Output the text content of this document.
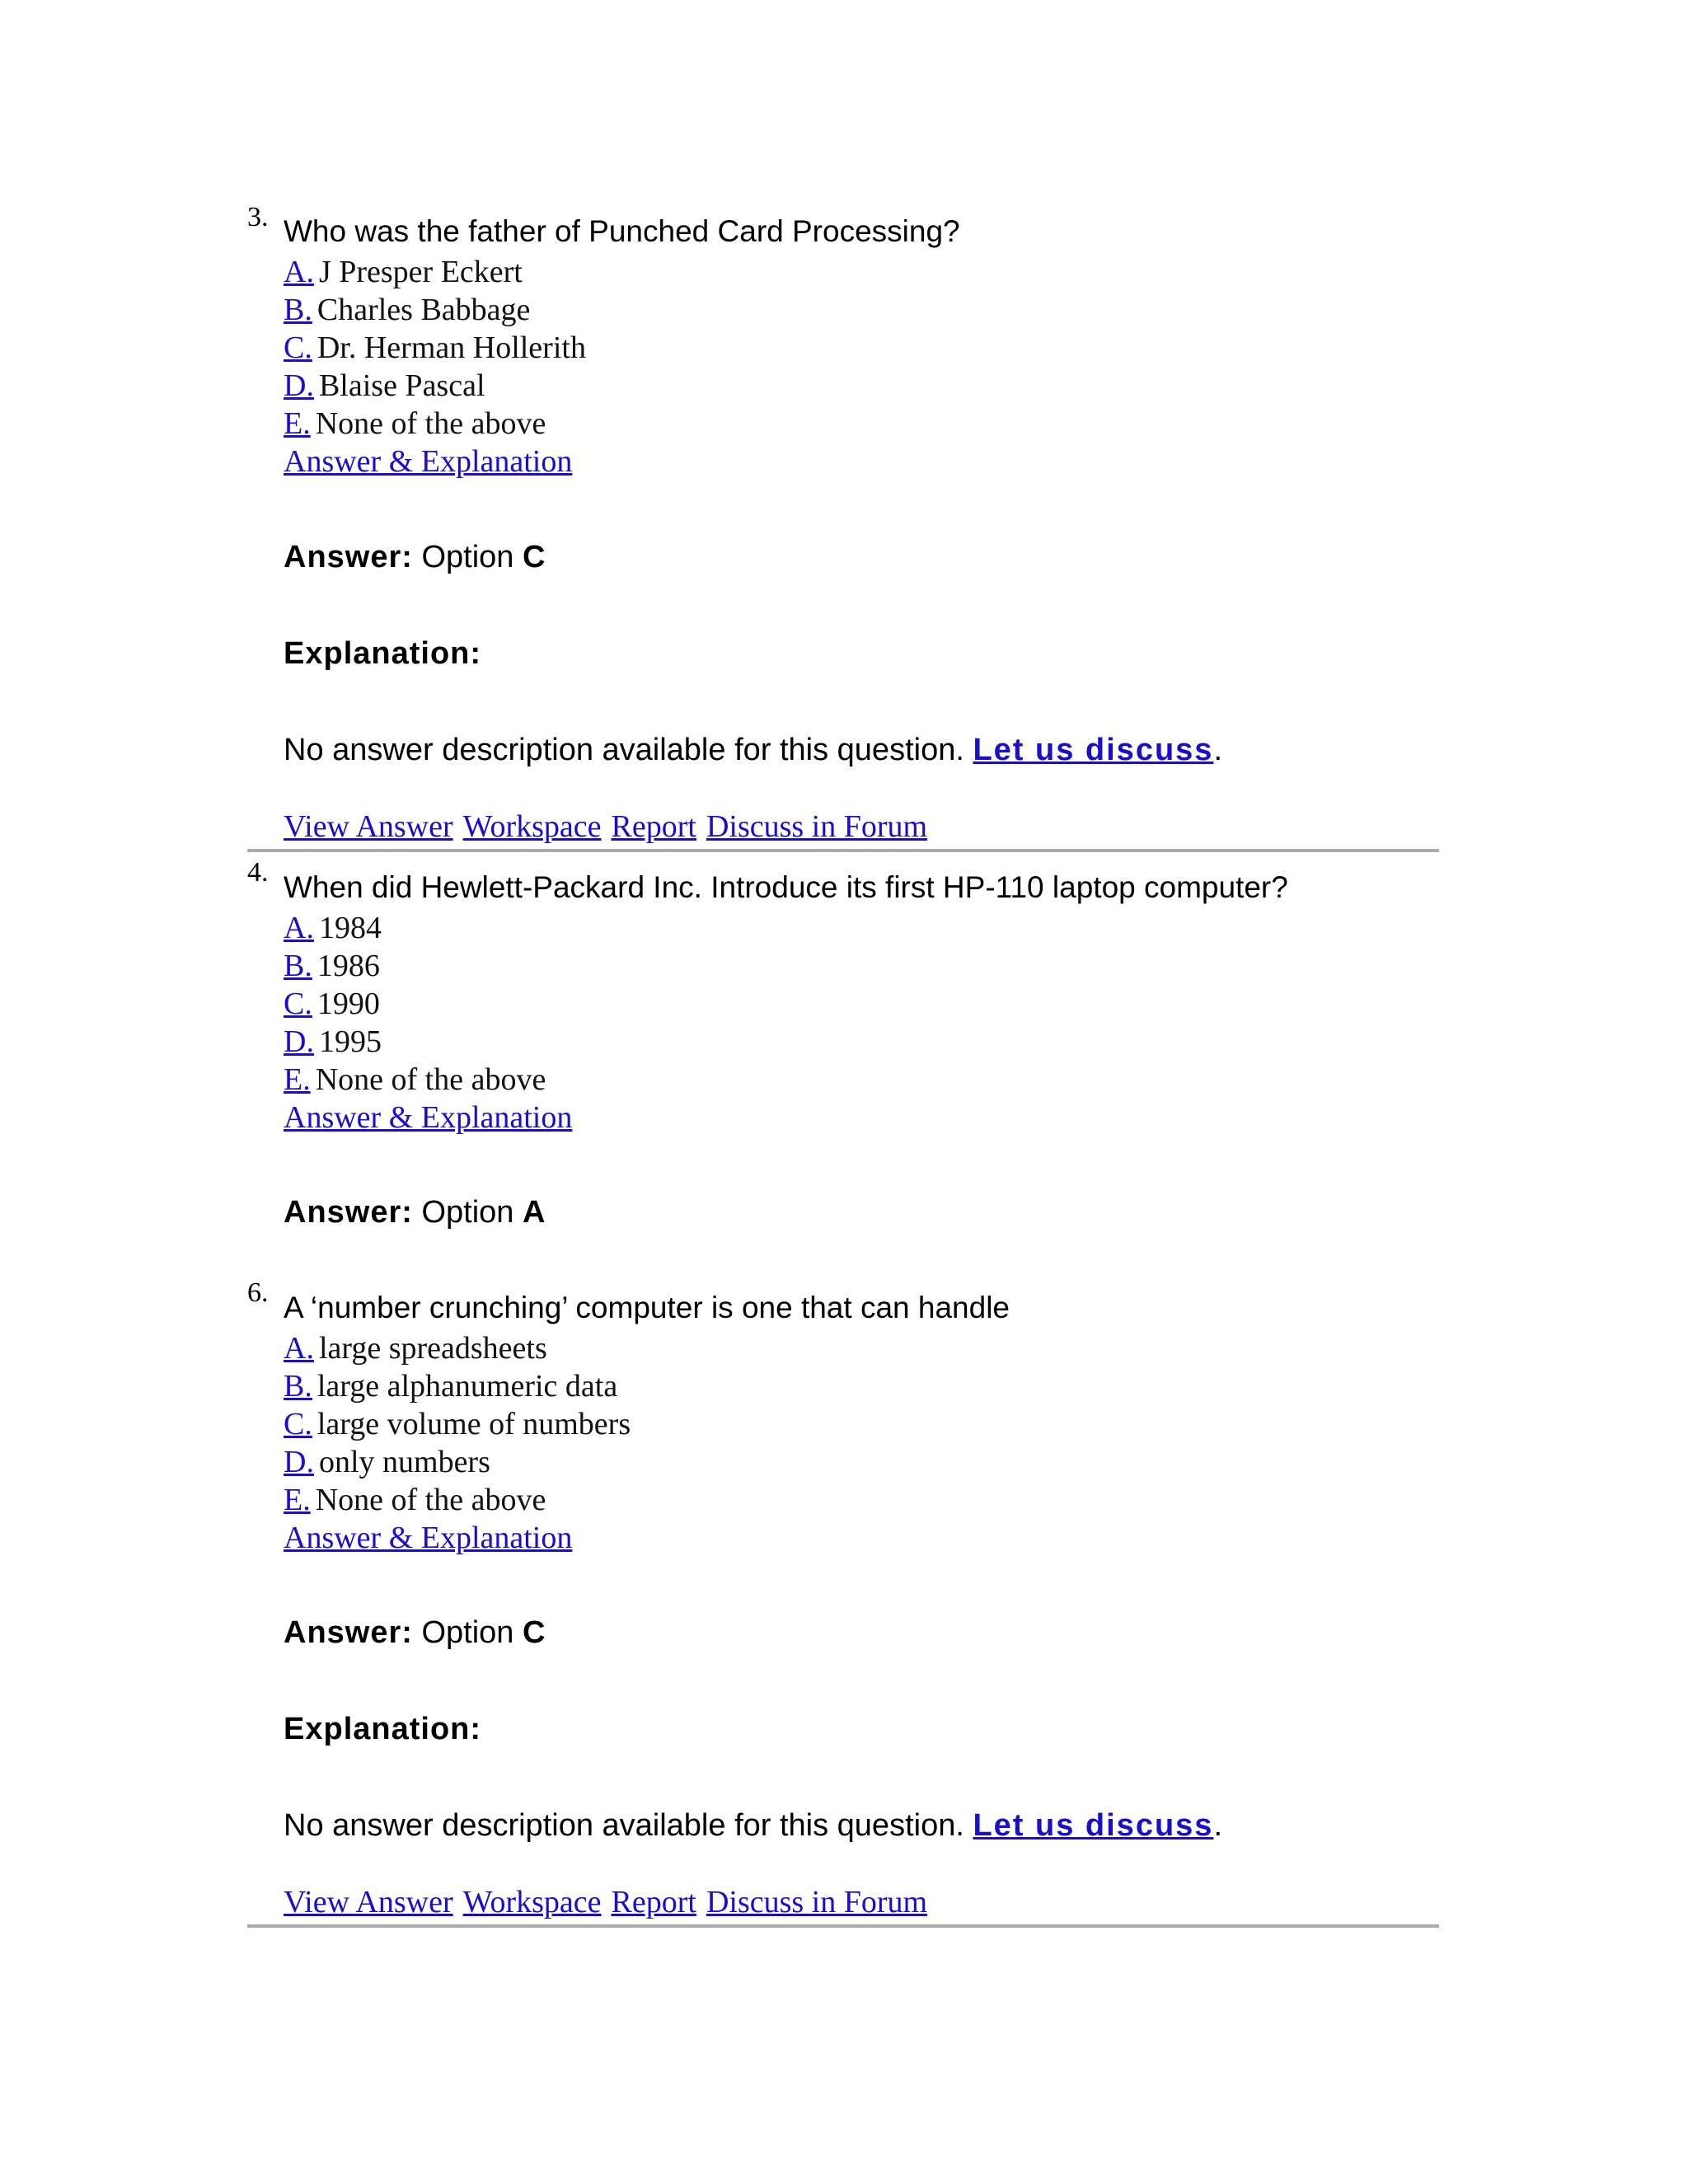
3. Who was the father of Punched Card Processing?
A. J Presper Eckert
B. Charles Babbage
C. Dr. Herman Hollerith
D. Blaise Pascal
E. None of the above
Answer & Explanation
Answer: Option C
Explanation:
No answer description available for this question. Let us discuss.
View Answer Workspace Report Discuss in Forum
4. When did Hewlett-Packard Inc. Introduce its first HP-110 laptop computer?
A. 1984
B. 1986
C. 1990
D. 1995
E. None of the above
Answer & Explanation
Answer: Option A
6. A ‘number crunching’ computer is one that can handle
A. large spreadsheets
B. large alphanumeric data
C. large volume of numbers
D. only numbers
E. None of the above
Answer & Explanation
Answer: Option C
Explanation:
No answer description available for this question. Let us discuss.
View Answer Workspace Report Discuss in Forum
